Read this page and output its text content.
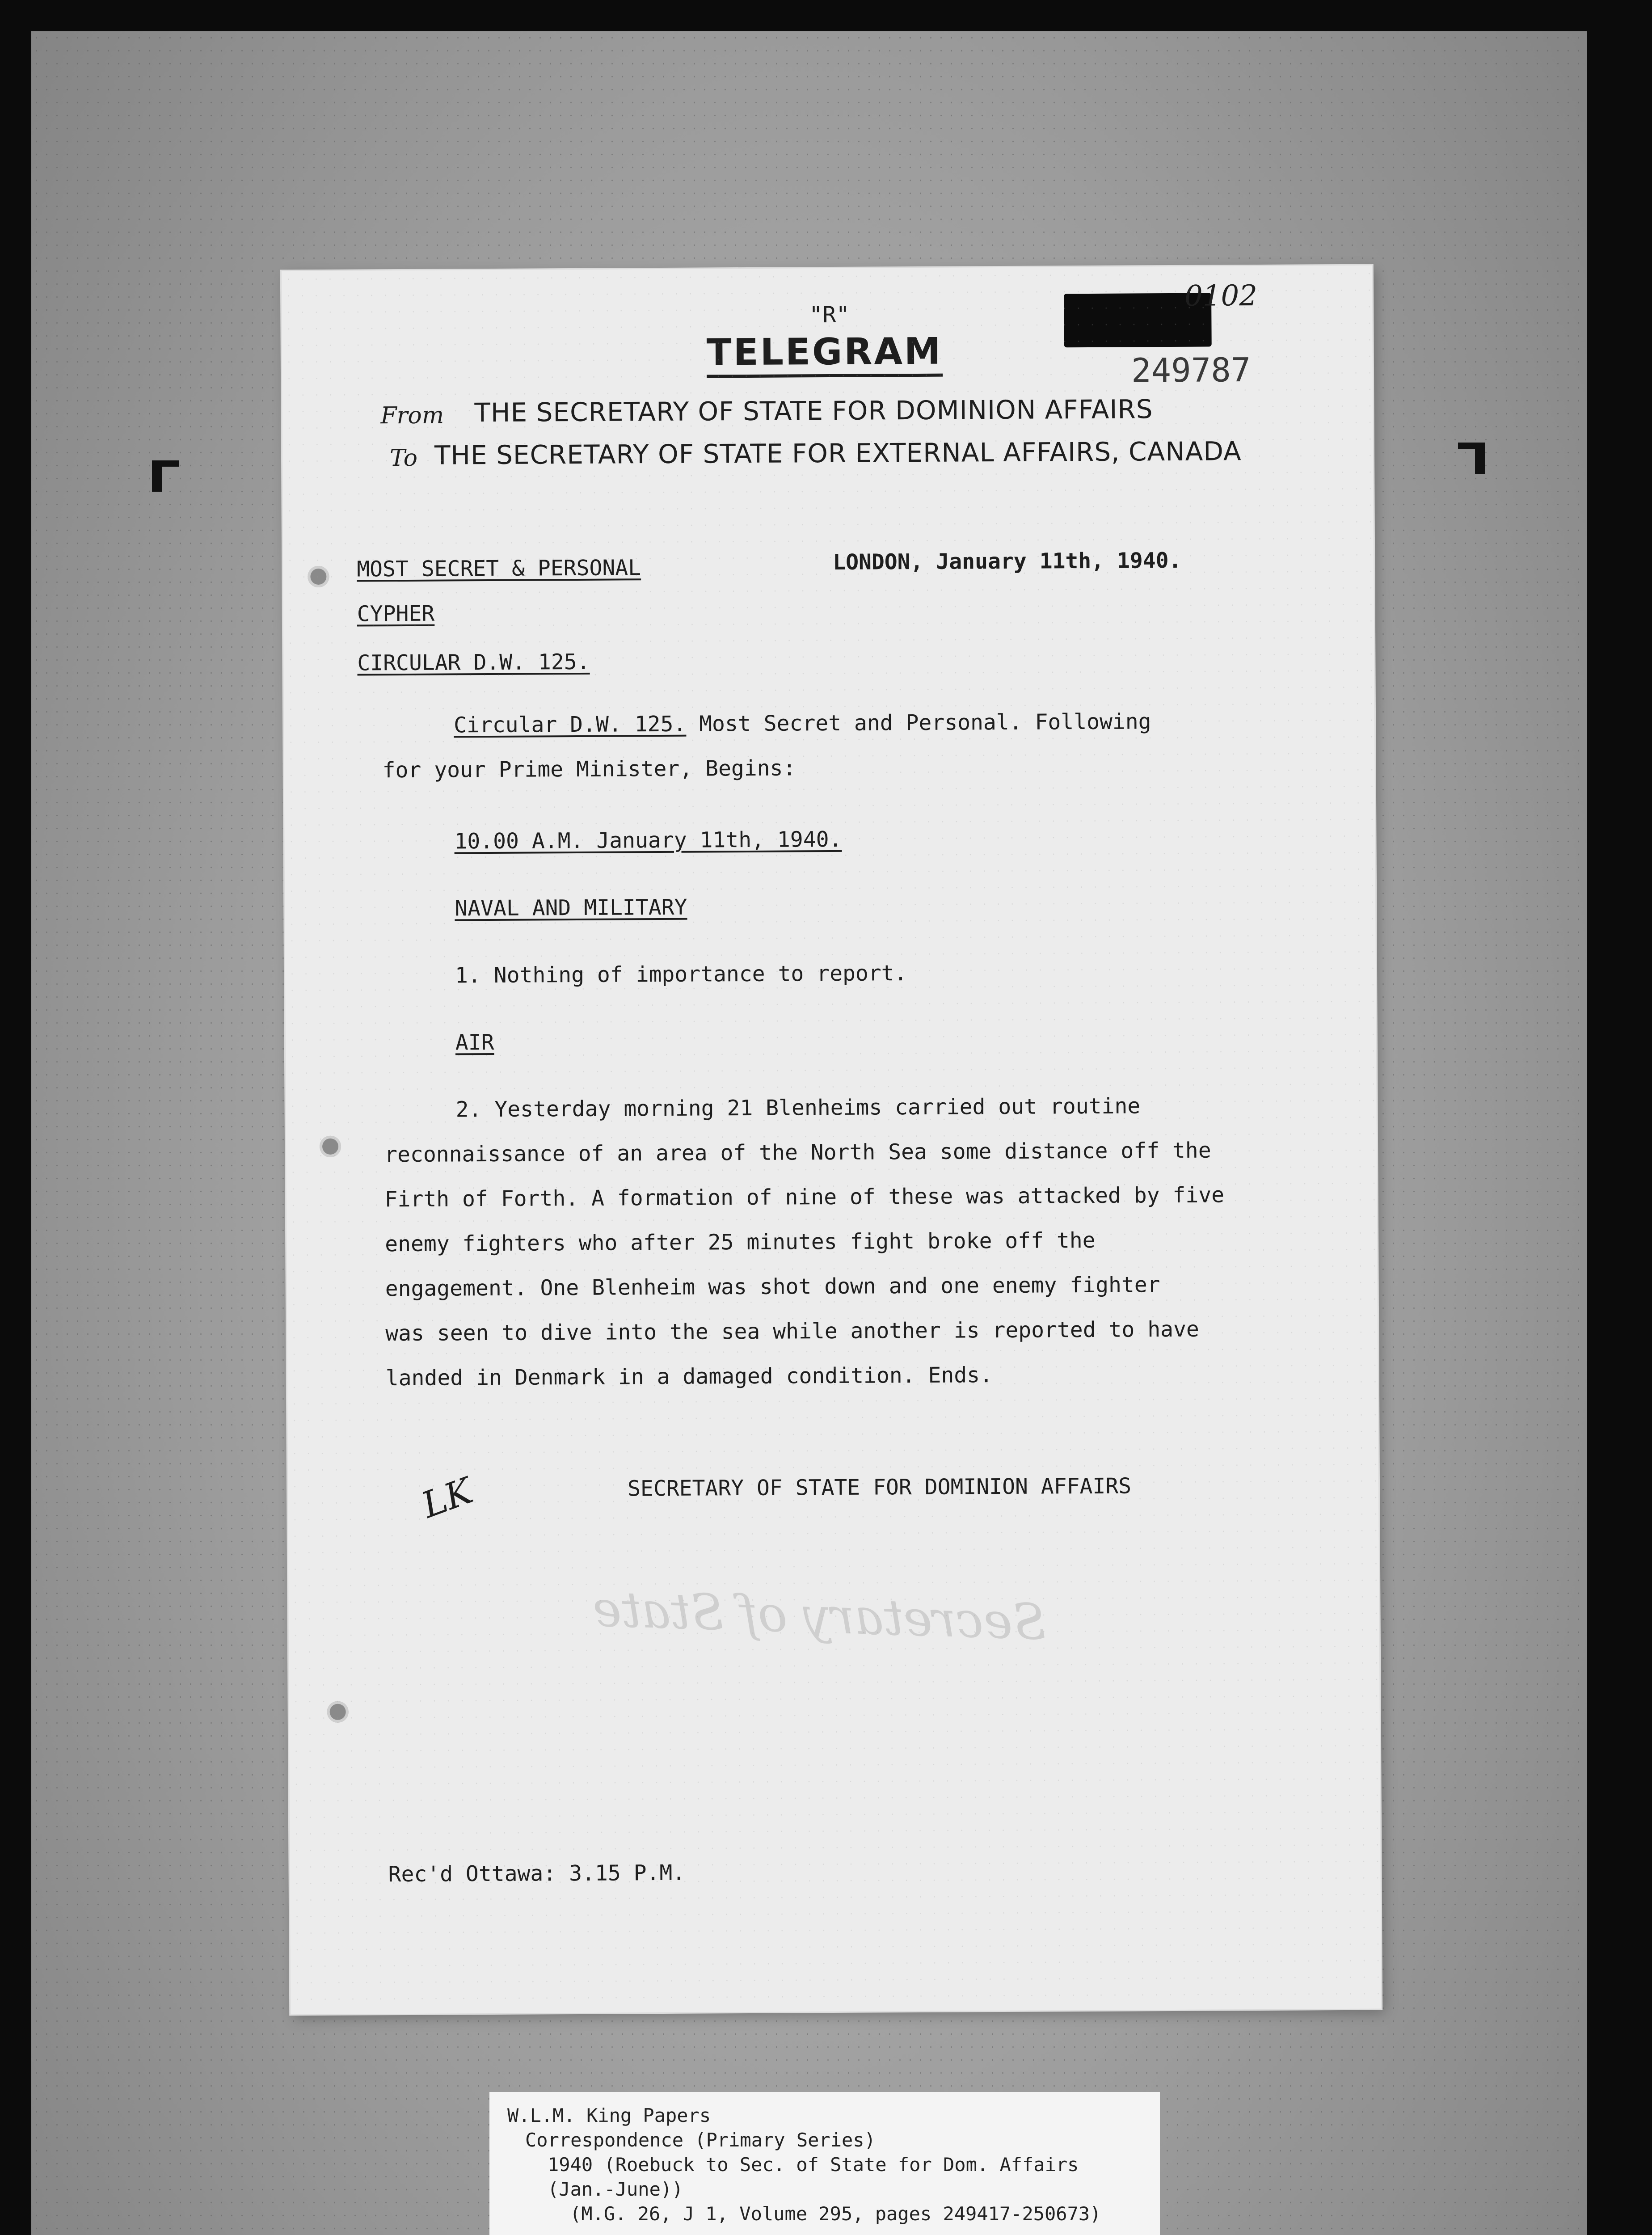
"R"
TELEGRAM
0102
249787
From THE SECRETARY OF STATE FOR DOMINION AFFAIRS
To THE SECRETARY OF STATE FOR EXTERNAL AFFAIRS, CANADA
MOST SECRET & PERSONAL	LONDON, January 11th, 1940.
CYPHER
CIRCULAR D.W. 125.
Circular D.W. 125. Most Secret and Personal. Following
for your Prime Minister, Begins:
10.00 A.M. January 11th, 1940.
NAVAL AND MILITARY
1. Nothing of importance to report.
AIR
2. Yesterday morning 21 Blenheims carried out routine
reconnaissance of an area of the North Sea some distance off the
Firth of Forth. A formation of nine of these was attacked by five
enemy fighters who after 25 minutes fight broke off the
engagement. One Blenheim was shot down and one enemy fighter
was seen to dive into the sea while another is reported to have
landed in Denmark in a damaged condition. Ends.
LK	SECRETARY OF STATE FOR DOMINION AFFAIRS
Secretary of State
Rec'd Ottawa: 3.15 P.M.
W.L.M. King Papers
Correspondence (Primary Series)
1940 (Roebuck to Sec. of State for Dom. Affairs
(Jan.-June))
(M.G. 26, J 1, Volume 295, pages 249417-250673)
